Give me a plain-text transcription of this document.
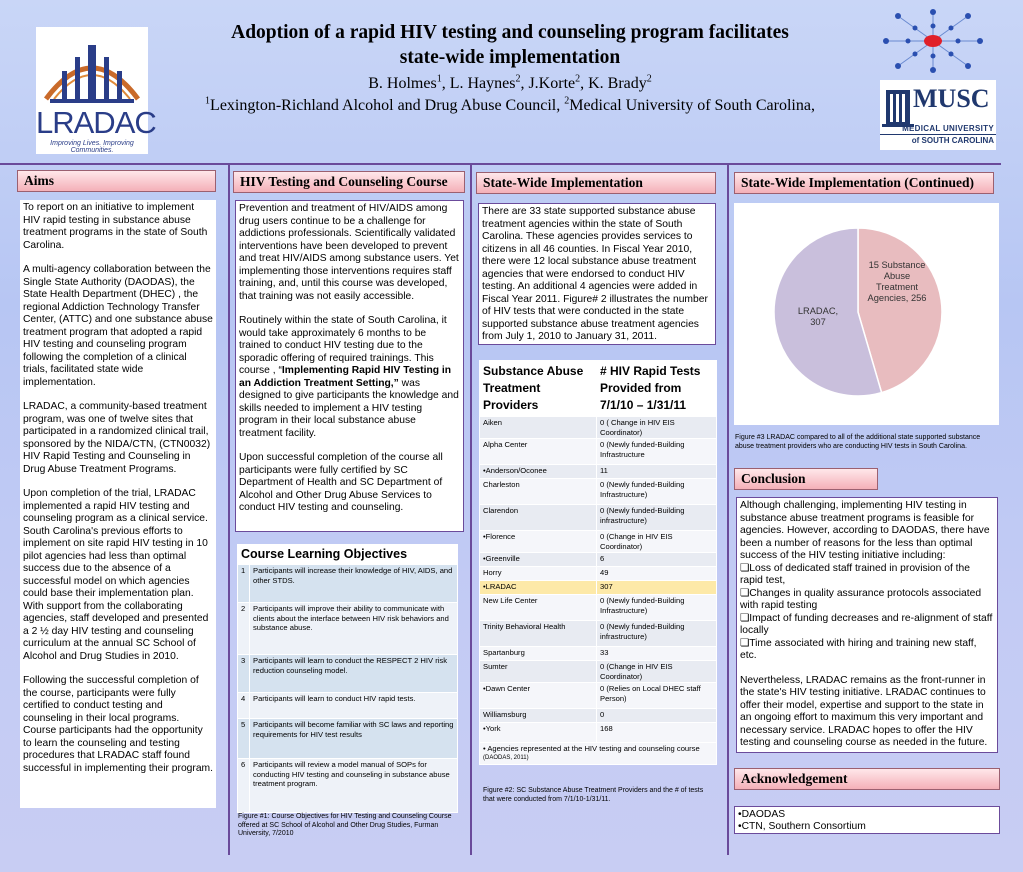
LRADAC
Improving Lives. Improving Communities.
Adoption of a rapid HIV testing and counseling program facilitates
state-wide implementation
B. Holmes$^1$, L. Haynes$^2$, J.Korte$^2$, K. Brady$^2$
$^1$Lexington-Richland Alcohol and Drug Abuse Council, $^2$Medical University of South Carolina,	MUSC
MEDICAL UNIVERSITY
of SOUTH CAROLINA
Aims
To report on an initiative to implement HIV rapid testing in substance abuse treatment programs in the state of South Carolina.
A multi-agency collaboration between the Single State Authority (DAODAS), the State Health Department (DHEC) , the regional Addiction Technology Transfer Center, (ATTC) and one substance abuse treatment program that adopted a rapid HIV testing and counseling program following the completion of a clinical trials, facilitated state wide implementation.
LRADAC, a community-based treatment program, was one of twelve sites that participated in a randomized clinical trail, sponsored by the NIDA/CTN, (CTN0032) HIV Rapid Testing and Counseling in Drug Abuse Treatment Programs.
Upon completion of the trial, LRADAC implemented a rapid HIV testing and counseling program as a clinical service. South Carolina's previous efforts to implement on site rapid HIV testing in 10 pilot agencies had less than optimal success due to the absence of a successful model on which agencies could base their implementation plan. With support from the collaborating agencies, staff developed and presented a 2 ½ day HIV testing and counseling curriculum at the annual SC School of Alcohol and Drug Studies in 2010.
Following the successful completion of the course, participants were fully certified to conduct testing and counseling in their local programs. Course participants had the opportunity to learn the counseling and testing procedures that LRADAC staff found successful in implementing their program.
HIV Testing and Counseling Course
Prevention and treatment of HIV/AIDS among drug users continue to be a challenge for addictions professionals. Scientifically validated interventions have been developed to prevent and treat HIV/AIDS among substance users. Yet implementing those interventions requires staff training, and, until this course was developed, that training was not easily accessible.
Routinely within the state of South Carolina, it would take approximately 6 months to be trained to conduct HIV testing due to the sporadic offering of required trainings. This course , “Implementing Rapid HIV Testing in an Addiction Treatment Setting,” was designed to give participants the knowledge and skills needed to implement a HIV testing program in their local substance abuse treatment facility.
Upon successful completion of the course all participants were fully certified by SC Department of Health and SC Department of Alcohol and Other Drug Abuse Services to conduct HIV testing and counseling.
Course Learning Objectives
1	Participants will increase their knowledge of HIV, AIDS, and other STDS.
2	Participants will improve their ability to communicate with clients about the interface between HIV risk behaviors and substance abuse.
3	Participants will learn to conduct the RESPECT 2 HIV risk reduction counseling model.
4	Participants will learn to conduct HIV rapid tests.
5	Participants will become familiar with SC laws and reporting requirements for HIV test results
6	Participants will review a model manual of SOPs for conducting HIV testing and counseling in substance abuse treatment program.
Figure #1: Course Objectives for HIV Testing and Counseling Course offered at SC School of Alcohol and Other Drug Studies, Furman University, 7/2010
State-Wide Implementation
There are 33 state supported substance abuse treatment agencies within the state of South Carolina. These agencies provides services to citizens in all 46 counties. In Fiscal Year 2010, there were 12 local substance abuse treatment agencies that were endorsed to conduct HIV testing. An additional 4 agencies were added in Fiscal Year 2011. Figure# 2 illustrates the number of HIV tests that were conducted in the state supported substance abuse treatment agencies from July 1, 2010 to January 31, 2011.
Substance Abuse Treatment Providers	# HIV Rapid Tests Provided from 7/1/10 – 1/31/11
Aiken	0 ( Change in HIV EIS Coordinator)
Alpha Center	0 (Newly funded-Building Infrastructure
•Anderson/Oconee	11
Charleston	0 (Newly funded-Building Infrastructure)
Clarendon	0 (Newly funded-Building infrastructure)
•Florence	0 (Change in HIV EIS Coordinator)
•Greenville	6
Horry	49
•LRADAC	307
New Life Center	0 (Newly funded-Building Infrastructure)
Trinity Behavioral Health	0 (Newly funded-Building infrastructure)
Spartanburg	33
Sumter	0 (Change in HIV EIS Coordinator)
•Dawn Center	0 (Relies on Local DHEC staff Person)
Williamsburg	0
•York	168

• Agencies represented at the HIV testing and counseling course
(DAODAS, 2011)	
Figure #2: SC Substance Abuse Treatment Providers and the # of tests that were conducted from 7/1/10-1/31/11.
State-Wide Implementation (Continued)
15 Substance Abuse Treatment Agencies, 256
LRADAC, 307
Figure #3 LRADAC compared to all of the additional state supported substance abuse treatment providers who are conducting HIV tests in South Carolina.
Conclusion
Although challenging, implementing HIV testing in substance abuse treatment programs is feasible for agencies. However, according to DAODAS, there have been a number of reasons for the less than optimal success of the HIV testing initiative including:
❏Loss of dedicated staff trained in provision of the rapid test,
❏Changes in quality assurance protocols associated with rapid testing
❏Impact of funding decreases and re-alignment of staff locally
❏Time associated with hiring and training new staff, etc.
Nevertheless, LRADAC remains as the front-runner in the state's HIV testing initiative. LRADAC continues to offer their model, expertise and support to the state in an ongoing effort to maximum this very important and necessary service. LRADAC hopes to offer the HIV testing and counseling course as needed in the future.
Acknowledgement
•DAODAS
•CTN, Southern Consortium
